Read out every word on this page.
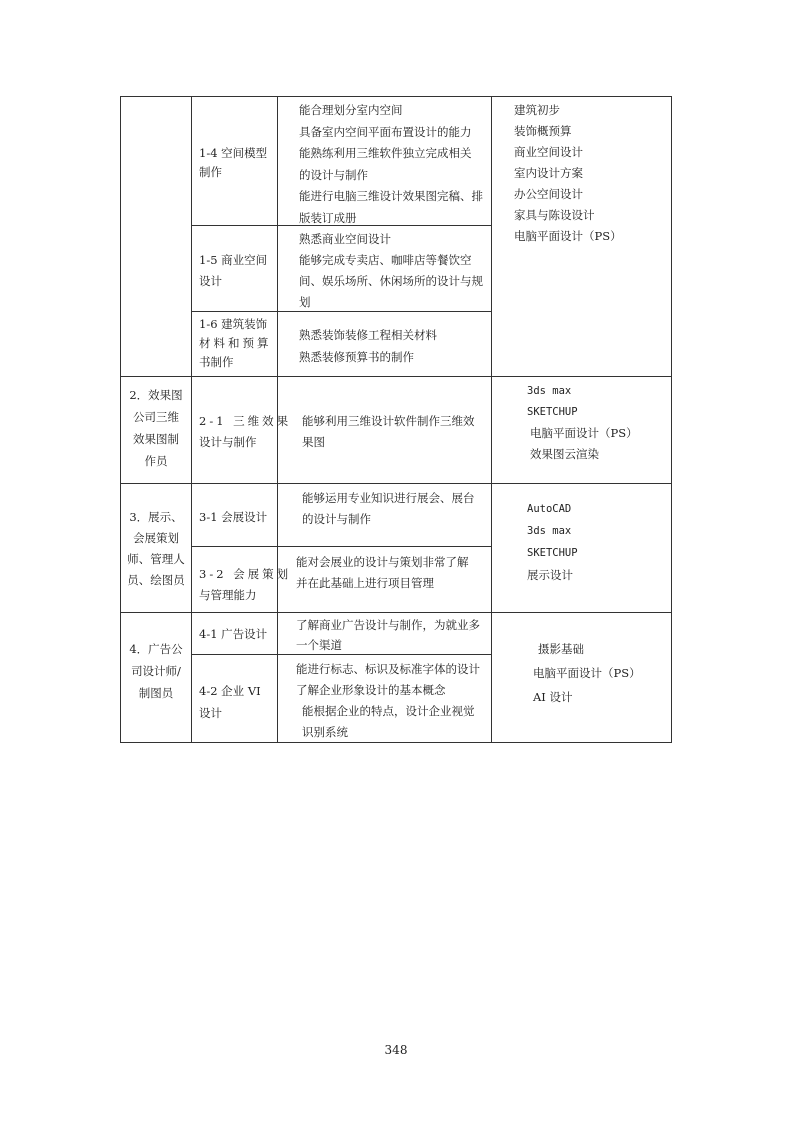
1-4 空间模型
制作
能合理划分室内空间
具备室内空间平面布置设计的能力
能熟练利用三维软件独立完成相关
的设计与制作
能进行电脑三维设计效果图完稿、排
版装订成册
1-5 商业空间
设计
熟悉商业空间设计
能够完成专卖店、咖啡店等餐饮空
间、娱乐场所、休闲场所的设计与规
划
1-6 建筑装饰
材料和预算
书制作
熟悉装饰装修工程相关材料
熟悉装修预算书的制作
建筑初步
装饰概预算
商业空间设计
室内设计方案
办公空间设计
家具与陈设设计
电脑平面设计（PS）
2．效果图
公司三维
效果图制
作员
2-1 三维效果
设计与制作
能够利用三维设计软件制作三维效
果图
3ds max
SKETCHUP
电脑平面设计（PS）
效果图云渲染
3．展示、
会展策划
师、管理人
员、绘图员
3-1 会展设计
能够运用专业知识进行展会、展台
的设计与制作
3-2 会展策划
与管理能力
能对会展业的设计与策划非常了解
并在此基础上进行项目管理
AutoCAD
3ds max
SKETCHUP
展示设计
4．广告公
司设计师/
制图员
4-1 广告设计
了解商业广告设计与制作，为就业多
一个渠道
4-2 企业 VI
设计
能进行标志、标识及标准字体的设计
了解企业形象设计的基本概念
能根据企业的特点，设计企业视觉
识别系统
摄影基础
电脑平面设计（PS）
AI 设计
348
